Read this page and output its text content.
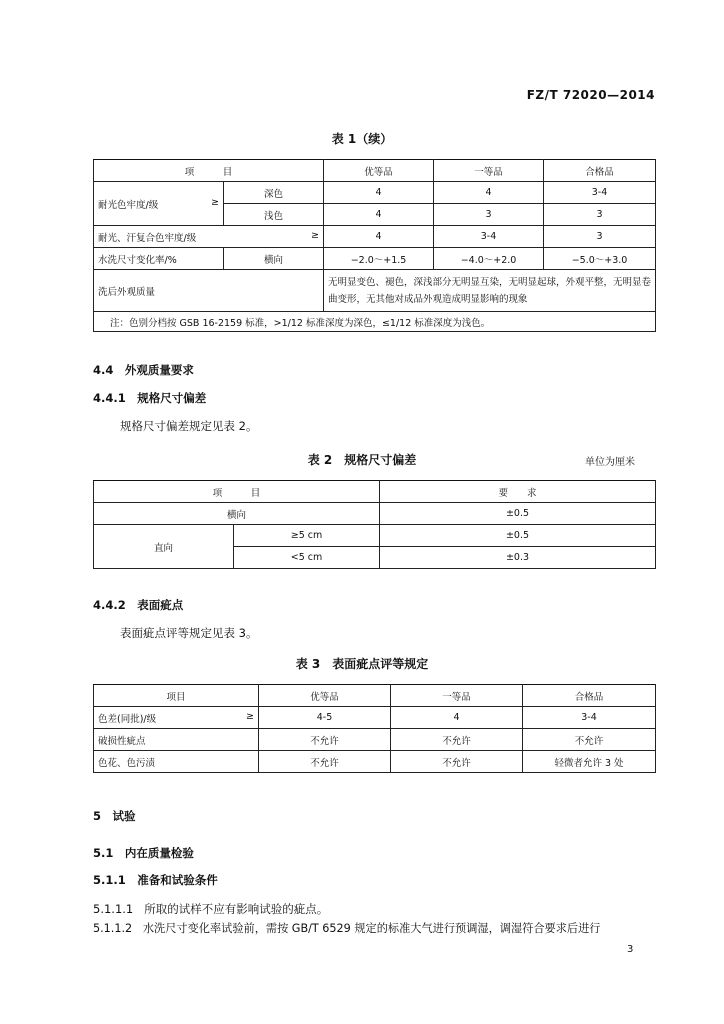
FZ/T 72020—2014
表 1（续）
项　　　目		优等品	一等品	合格品
耐光色牢度/级 ≥	深色	4	4	3-4
	浅色	4	3	3
耐光、汗复合色牢度/级 ≥		4	3-4	3
水洗尺寸变化率/%	横向	−2.0～+1.5	−4.0～+2.0	−5.0～+3.0
洗后外观质量		无明显变色、褪色，深浅部分无明显互染，无明显起球，外观平整，无明显卷曲变形，无其他对成品外观造成明显影响的现象		
注：色别分档按 GSB 16-2159 标准，>1/12 标准深度为深色，≤1/12 标准深度为浅色。				
4.4　外观质量要求
4.4.1　规格尺寸偏差
规格尺寸偏差规定见表 2。
表 2　规格尺寸偏差	单位为厘米
项　　　目		要　　求
横向		±0.5
直向	≥5 cm	±0.5
	<5 cm	±0.3
4.4.2　表面疵点
表面疵点评等规定见表 3。
表 3　表面疵点评等规定
项目	优等品	一等品	合格品
色差(同批)/级 ≥	4-5	4	3-4
破损性疵点	不允许	不允许	不允许
色花、色污渍	不允许	不允许	轻微者允许 3 处
5　试验
5.1　内在质量检验
5.1.1　准备和试验条件
5.1.1.1 所取的试样不应有影响试验的疵点。
5.1.1.2 水洗尺寸变化率试验前，需按 GB/T 6529 规定的标准大气进行预调湿，调湿符合要求后进行
3
